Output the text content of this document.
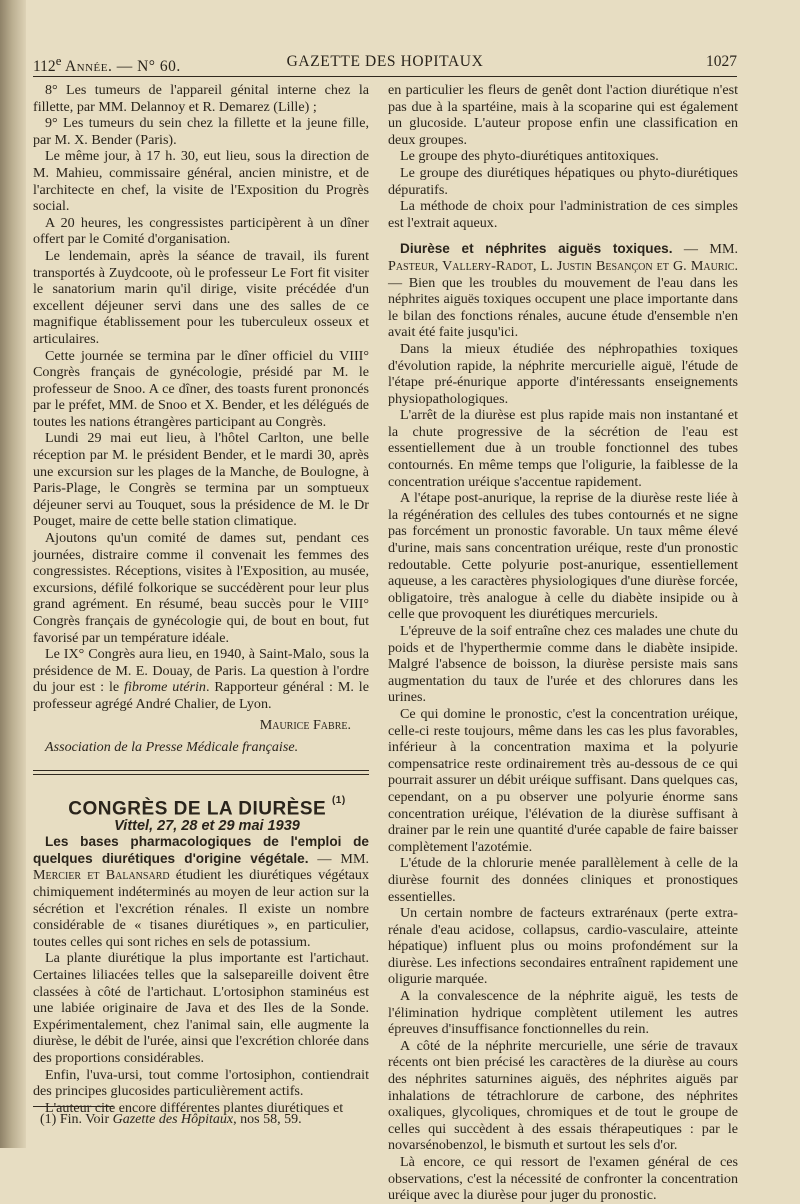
112e Année. — N° 60.	GAZETTE DES HOPITAUX	1027

8° Les tumeurs de l'appareil génital interne chez la fillette, par MM. Delannoy et R. Demarez (Lille) ;

9° Les tumeurs du sein chez la fillette et la jeune fille, par M. X. Bender (Paris).

Le même jour, à 17 h. 30, eut lieu, sous la direction de M. Mahieu, commissaire général, ancien ministre, et de l'architecte en chef, la visite de l'Exposition du Progrès social.

A 20 heures, les congressistes participèrent à un dîner offert par le Comité d'organisation.

Le lendemain, après la séance de travail, ils furent transportés à Zuydcoote, où le professeur Le Fort fit visiter le sanatorium marin qu'il dirige, visite précédée d'un excellent déjeuner servi dans une des salles de ce magnifique établissement pour les tuberculeux osseux et articulaires.

Cette journée se termina par le dîner officiel du VIII° Congrès français de gynécologie, présidé par M. le professeur de Snoo. A ce dîner, des toasts furent prononcés par le préfet, MM. de Snoo et X. Bender, et les délégués de toutes les nations étrangères participant au Congrès.

Lundi 29 mai eut lieu, à l'hôtel Carlton, une belle réception par M. le président Bender, et le mardi 30, après une excursion sur les plages de la Manche, de Boulogne, à Paris-Plage, le Congrès se termina par un somptueux déjeuner servi au Touquet, sous la présidence de M. le Dr Pouget, maire de cette belle station climatique.

Ajoutons qu'un comité de dames sut, pendant ces journées, distraire comme il convenait les femmes des congressistes. Réceptions, visites à l'Exposition, au musée, excursions, défilé folkorique se succédèrent pour leur plus grand agrément. En résumé, beau succès pour le VIII° Congrès français de gynécologie qui, de bout en bout, fut favorisé par un température idéale.

Le IX° Congrès aura lieu, en 1940, à Saint-Malo, sous la présidence de M. E. Douay, de Paris. La question à l'ordre du jour est : le fibrome utérin. Rapporteur général : M. le professeur agrégé André Chalier, de Lyon.

Maurice Fabre.

Association de la Presse Médicale française.

CONGRÈS DE LA DIURÈSE $^{(1)}$

Vittel, 27, 28 et 29 mai 1939

Les bases pharmacologiques de l'emploi de quelques diurétiques d'origine végétale. — MM. Mercier et Balansard étudient les diurétiques végétaux chimiquement indéterminés au moyen de leur action sur la sécrétion et l'excrétion rénales. Il existe un nombre considérable de « tisanes diurétiques », en particulier, toutes celles qui sont riches en sels de potassium.

La plante diurétique la plus importante est l'artichaut. Certaines liliacées telles que la salsepareille doivent être classées à côté de l'artichaut. L'ortosiphon staminéus est une labiée originaire de Java et des Iles de la Sonde. Expérimentalement, chez l'animal sain, elle augmente la diurèse, le débit de l'urée, ainsi que l'excrétion chlorée dans des proportions considérables.

Enfin, l'uva-ursi, tout comme l'ortosiphon, contiendrait des principes glucosides particulièrement actifs.

L'auteur cite encore différentes plantes diurétiques et

en particulier les fleurs de genêt dont l'action diurétique n'est pas due à la spartéine, mais à la scoparine qui est également un glucoside. L'auteur propose enfin une classification en deux groupes.

Le groupe des phyto-diurétiques antitoxiques.

Le groupe des diurétiques hépatiques ou phyto-diurétiques dépuratifs.

La méthode de choix pour l'administration de ces simples est l'extrait aqueux.

Diurèse et néphrites aiguës toxiques. — MM. Pasteur, Vallery-Radot, L. Justin Besançon et G. Mauric. — Bien que les troubles du mouvement de l'eau dans les néphrites aiguës toxiques occupent une place importante dans le bilan des fonctions rénales, aucune étude d'ensemble n'en avait été faite jusqu'ici.

Dans la mieux étudiée des néphropathies toxiques d'évolution rapide, la néphrite mercurielle aiguë, l'étude de l'étape pré-énurique apporte d'intéressants enseignements physiopathologiques.

L'arrêt de la diurèse est plus rapide mais non instantané et la chute progressive de la sécrétion de l'eau est essentiellement due à un trouble fonctionnel des tubes contournés. En même temps que l'oligurie, la faiblesse de la concentration uréique s'accentue rapidement.

A l'étape post-anurique, la reprise de la diurèse reste liée à la régénération des cellules des tubes contournés et ne signe pas forcément un pronostic favorable. Un taux même élevé d'urine, mais sans concentration uréique, reste d'un pronostic redoutable. Cette polyurie post-anurique, essentiellement aqueuse, a les caractères physiologiques d'une diurèse forcée, obligatoire, très analogue à celle du diabète insipide ou à celle que provoquent les diurétiques mercuriels.

L'épreuve de la soif entraîne chez ces malades une chute du poids et de l'hyperthermie comme dans le diabète insipide. Malgré l'absence de boisson, la diurèse persiste mais sans augmentation du taux de l'urée et des chlorures dans les urines.

Ce qui domine le pronostic, c'est la concentration uréique, celle-ci reste toujours, même dans les cas les plus favorables, inférieur à la concentration maxima et la polyurie compensatrice reste ordinairement très au-dessous de ce qui pourrait assurer un débit uréique suffisant. Dans quelques cas, cependant, on a pu observer une polyurie énorme sans concentration uréique, l'élévation de la diurèse suffisant à drainer par le rein une quantité d'urée capable de faire baisser complètement l'azotémie.

L'étude de la chlorurie menée parallèlement à celle de la diurèse fournit des données cliniques et pronostiques essentielles.

Un certain nombre de facteurs extrarénaux (perte extra-rénale d'eau acidose, collapsus, cardio-vasculaire, atteinte hépatique) influent plus ou moins profondément sur la diurèse. Les infections secondaires entraînent rapidement une oligurie marquée.

A la convalescence de la néphrite aiguë, les tests de l'élimination hydrique complètent utilement les autres épreuves d'insuffisance fonctionnelles du rein.

A côté de la néphrite mercurielle, une série de travaux récents ont bien précisé les caractères de la diurèse au cours des néphrites saturnines aiguës, des néphrites aiguës par inhalations de tétrachlorure de carbone, des néphrites oxaliques, glycoliques, chromiques et de tout le groupe de celles qui succèdent à des essais thérapeutiques : par le novarsénobenzol, le bismuth et surtout les sels d'or.

Là encore, ce qui ressort de l'examen général de ces observations, c'est la nécessité de confronter la concentration uréique avec la diurèse pour juger du pronostic.

(1) Fin. Voir Gazette des Hôpitaux, nos 58, 59.
